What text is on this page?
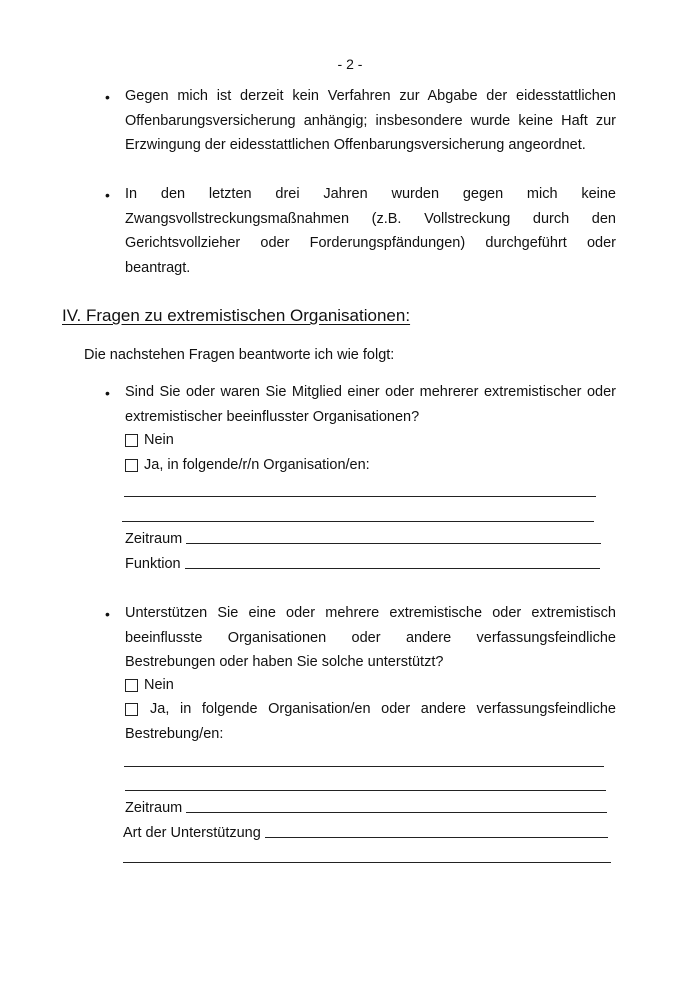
- 2 -
• Gegen mich ist derzeit kein Verfahren zur Abgabe der eidesstattlichen Offenbarungsversicherung anhängig; insbesondere wurde keine Haft zur Erzwingung der eidesstattlichen Offenbarungsversicherung angeordnet.
• In den letzten drei Jahren wurden gegen mich keine Zwangsvollstreckungsmaßnahmen (z.B. Vollstreckung durch den Gerichtsvollzieher oder Forderungspfändungen) durchgeführt oder beantragt.
IV. Fragen zu extremistischen Organisationen:
Die nachstehen Fragen beantworte ich wie folgt:
• Sind Sie oder waren Sie Mitglied einer oder mehrerer extremistischer oder extremistischer beeinflusster Organisationen?
Nein
Ja, in folgende/r/n Organisation/en:
Zeitraum
Funktion
• Unterstützen Sie eine oder mehrere extremistische oder extremistisch beeinflusste Organisationen oder andere verfassungsfeindliche Bestrebungen oder haben Sie solche unterstützt?
Nein
Ja, in folgende Organisation/en oder andere verfassungsfeindliche
Bestrebung/en:
Zeitraum
Art der Unterstützung
